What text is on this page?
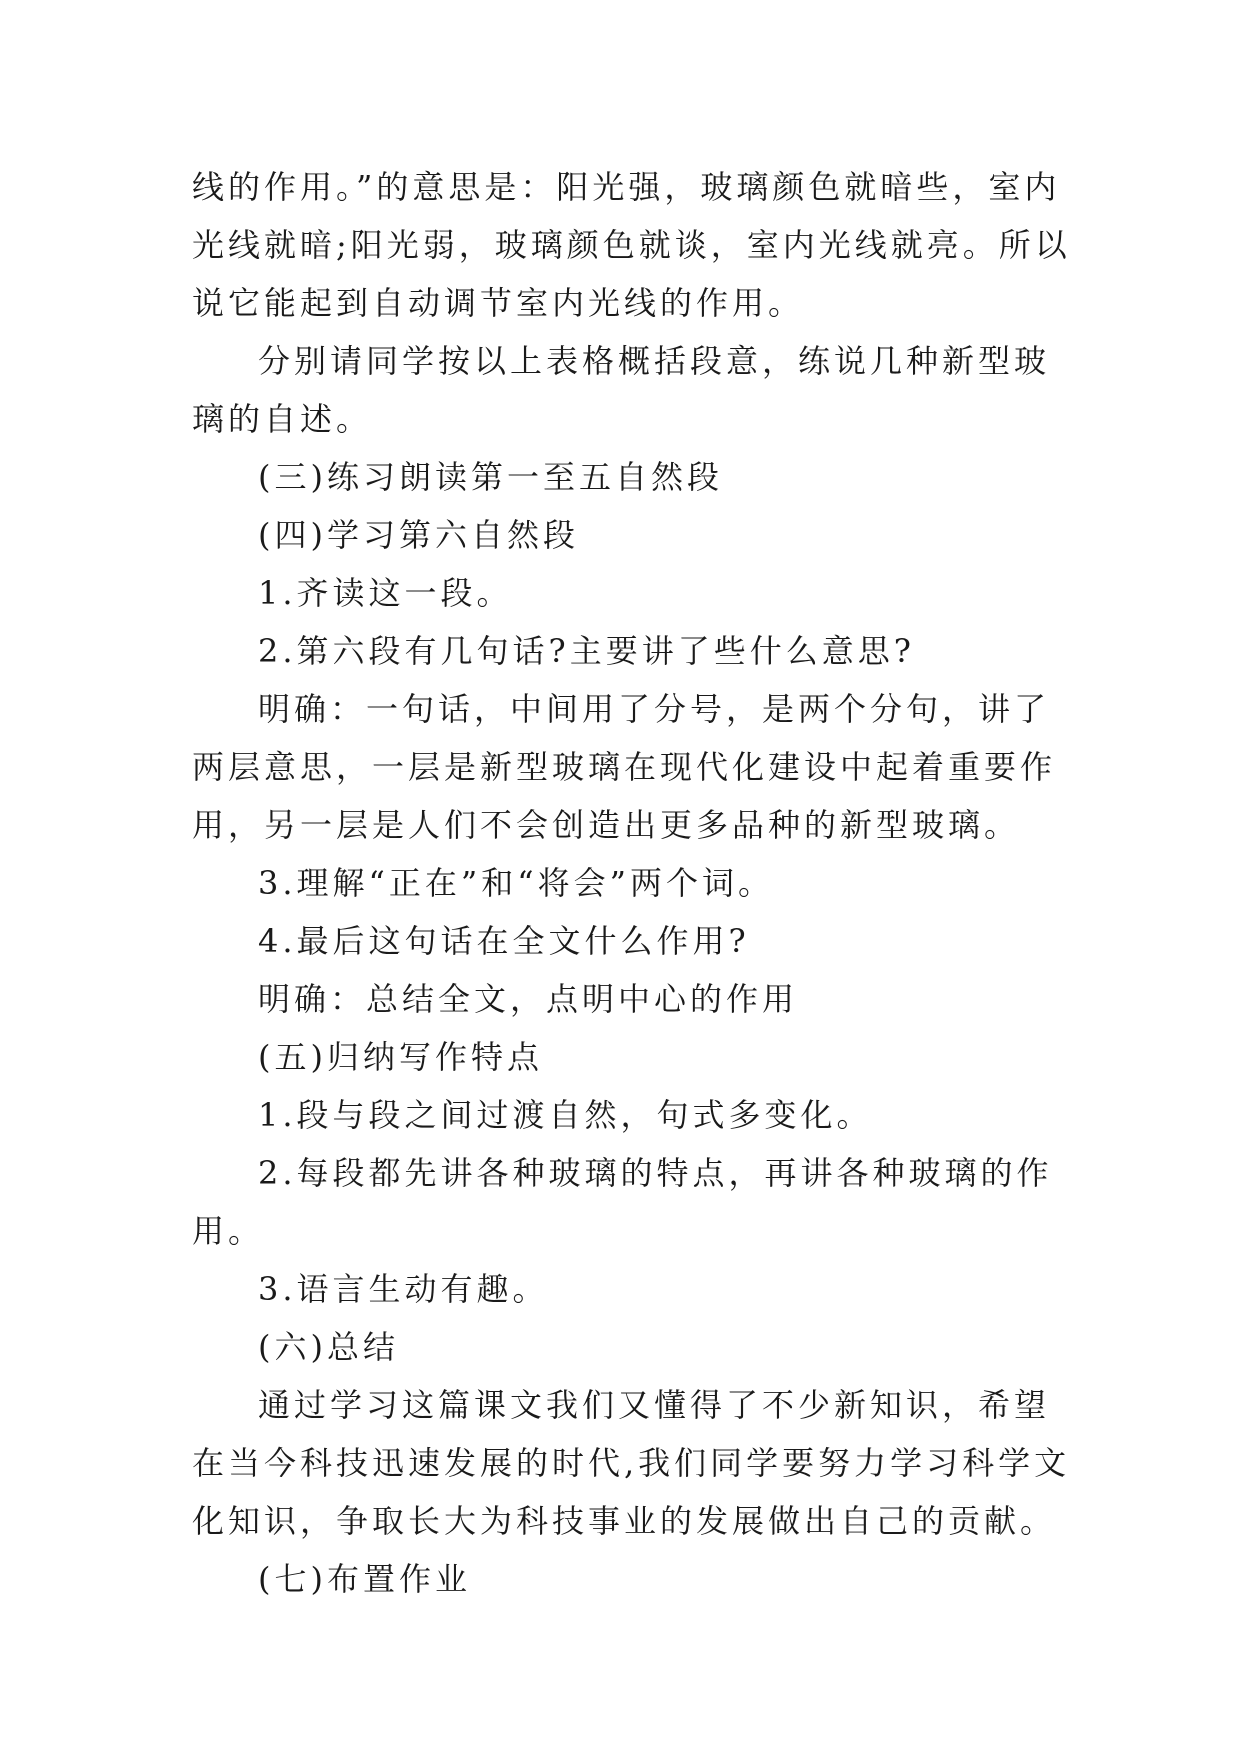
线的作用。”的意思是：阳光强，玻璃颜色就暗些，室内光线就暗;阳光弱，玻璃颜色就谈，室内光线就亮。所以说它能起到自动调节室内光线的作用。

分别请同学按以上表格概括段意，练说几种新型玻璃的自述。

(三)练习朗读第一至五自然段

(四)学习第六自然段

1.齐读这一段。

2.第六段有几句话?主要讲了些什么意思?

明确：一句话，中间用了分号，是两个分句，讲了两层意思，一层是新型玻璃在现代化建设中起着重要作用，另一层是人们不会创造出更多品种的新型玻璃。

3.理解“正在”和“将会”两个词。

4.最后这句话在全文什么作用?

明确：总结全文，点明中心的作用

(五)归纳写作特点

1.段与段之间过渡自然，句式多变化。

2.每段都先讲各种玻璃的特点，再讲各种玻璃的作用。

3.语言生动有趣。

(六)总结

通过学习这篇课文我们又懂得了不少新知识，希望在当今科技迅速发展的时代,我们同学要努力学习科学文化知识，争取长大为科技事业的发展做出自己的贡献。

(七)布置作业
